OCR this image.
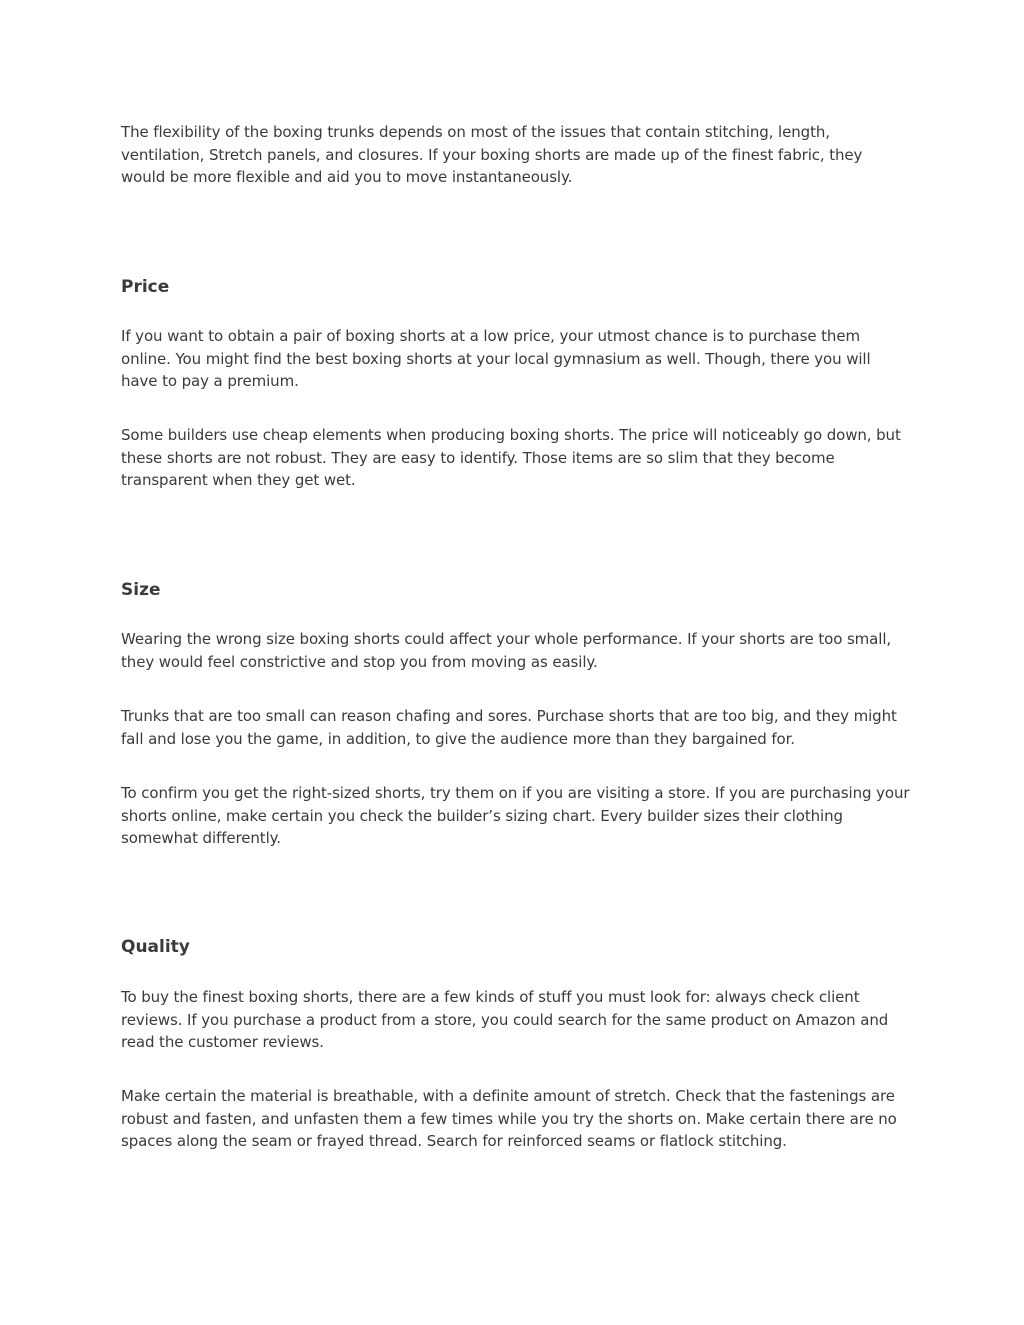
The flexibility of the boxing trunks depends on most of the issues that contain stitching, length, ventilation, Stretch panels, and closures. If your boxing shorts are made up of the finest fabric, they would be more flexible and aid you to move instantaneously.

Price

If you want to obtain a pair of boxing shorts at a low price, your utmost chance is to purchase them online. You might find the best boxing shorts at your local gymnasium as well. Though, there you will have to pay a premium.

Some builders use cheap elements when producing boxing shorts. The price will noticeably go down, but these shorts are not robust. They are easy to identify. Those items are so slim that they become transparent when they get wet.

Size

Wearing the wrong size boxing shorts could affect your whole performance. If your shorts are too small, they would feel constrictive and stop you from moving as easily.

Trunks that are too small can reason chafing and sores. Purchase shorts that are too big, and they might fall and lose you the game, in addition, to give the audience more than they bargained for.

To confirm you get the right-sized shorts, try them on if you are visiting a store. If you are purchasing your shorts online, make certain you check the builder’s sizing chart. Every builder sizes their clothing somewhat differently.

Quality

To buy the finest boxing shorts, there are a few kinds of stuff you must look for: always check client reviews. If you purchase a product from a store, you could search for the same product on Amazon and read the customer reviews.

Make certain the material is breathable, with a definite amount of stretch. Check that the fastenings are robust and fasten, and unfasten them a few times while you try the shorts on. Make certain there are no spaces along the seam or frayed thread. Search for reinforced seams or flatlock stitching.
